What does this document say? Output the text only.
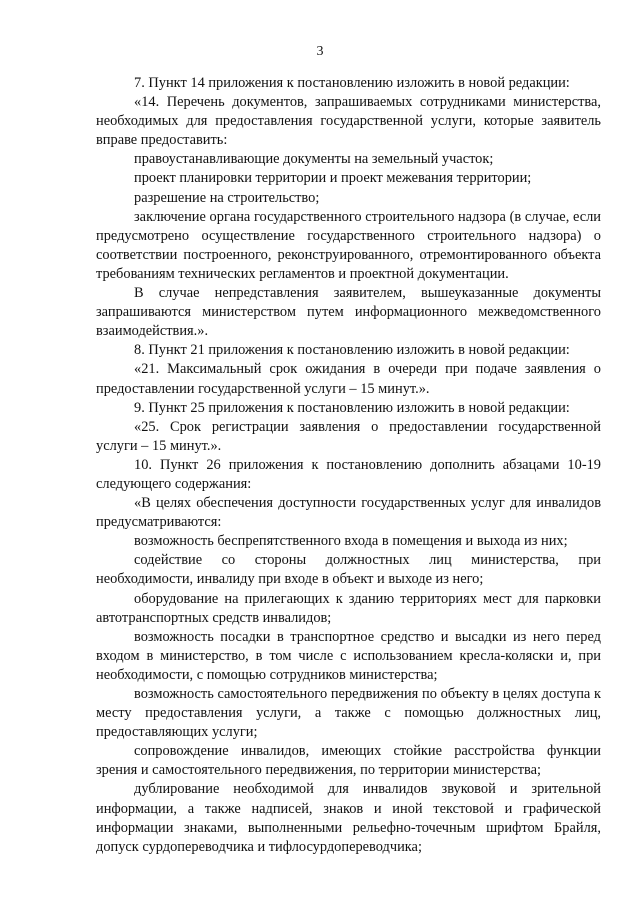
3

7. Пункт 14 приложения к постановлению изложить в новой редакции:

«14. Перечень документов, запрашиваемых сотрудниками министерства, необходимых для предоставления государственной услуги, которые заявитель вправе предоставить:

правоустанавливающие документы на земельный участок;

проект планировки территории и проект межевания территории;

разрешение на строительство;

заключение органа государственного строительного надзора (в случае, если предусмотрено осуществление государственного строительного надзора) о соответствии построенного, реконструированного, отремонтированного объекта требованиям технических регламентов и проектной документации.

В случае непредставления заявителем, вышеуказанные документы запрашиваются министерством путем информационного межведомственного взаимодействия.».

8. Пункт 21 приложения к постановлению изложить в новой редакции:

«21. Максимальный срок ожидания в очереди при подаче заявления о предоставлении государственной услуги – 15 минут.».

9. Пункт 25 приложения к постановлению изложить в новой редакции:

«25. Срок регистрации заявления о предоставлении государственной услуги – 15 минут.».

10. Пункт 26 приложения к постановлению дополнить абзацами 10-19 следующего содержания:

«В целях обеспечения доступности государственных услуг для инвалидов предусматриваются:

возможность беспрепятственного входа в помещения и выхода из них;

содействие со стороны должностных лиц министерства, при необходимости, инвалиду при входе в объект и выходе из него;

оборудование на прилегающих к зданию территориях мест для парковки автотранспортных средств инвалидов;

возможность посадки в транспортное средство и высадки из него перед входом в министерство, в том числе с использованием кресла-коляски и, при необходимости, с помощью сотрудников министерства;

возможность самостоятельного передвижения по объекту в целях доступа к месту предоставления услуги, а также с помощью должностных лиц, предоставляющих услуги;

сопровождение инвалидов, имеющих стойкие расстройства функции зрения и самостоятельного передвижения, по территории министерства;

дублирование необходимой для инвалидов звуковой и зрительной информации, а также надписей, знаков и иной текстовой и графической информации знаками, выполненными рельефно-точечным шрифтом Брайля, допуск сурдопереводчика и тифлосурдопереводчика;
